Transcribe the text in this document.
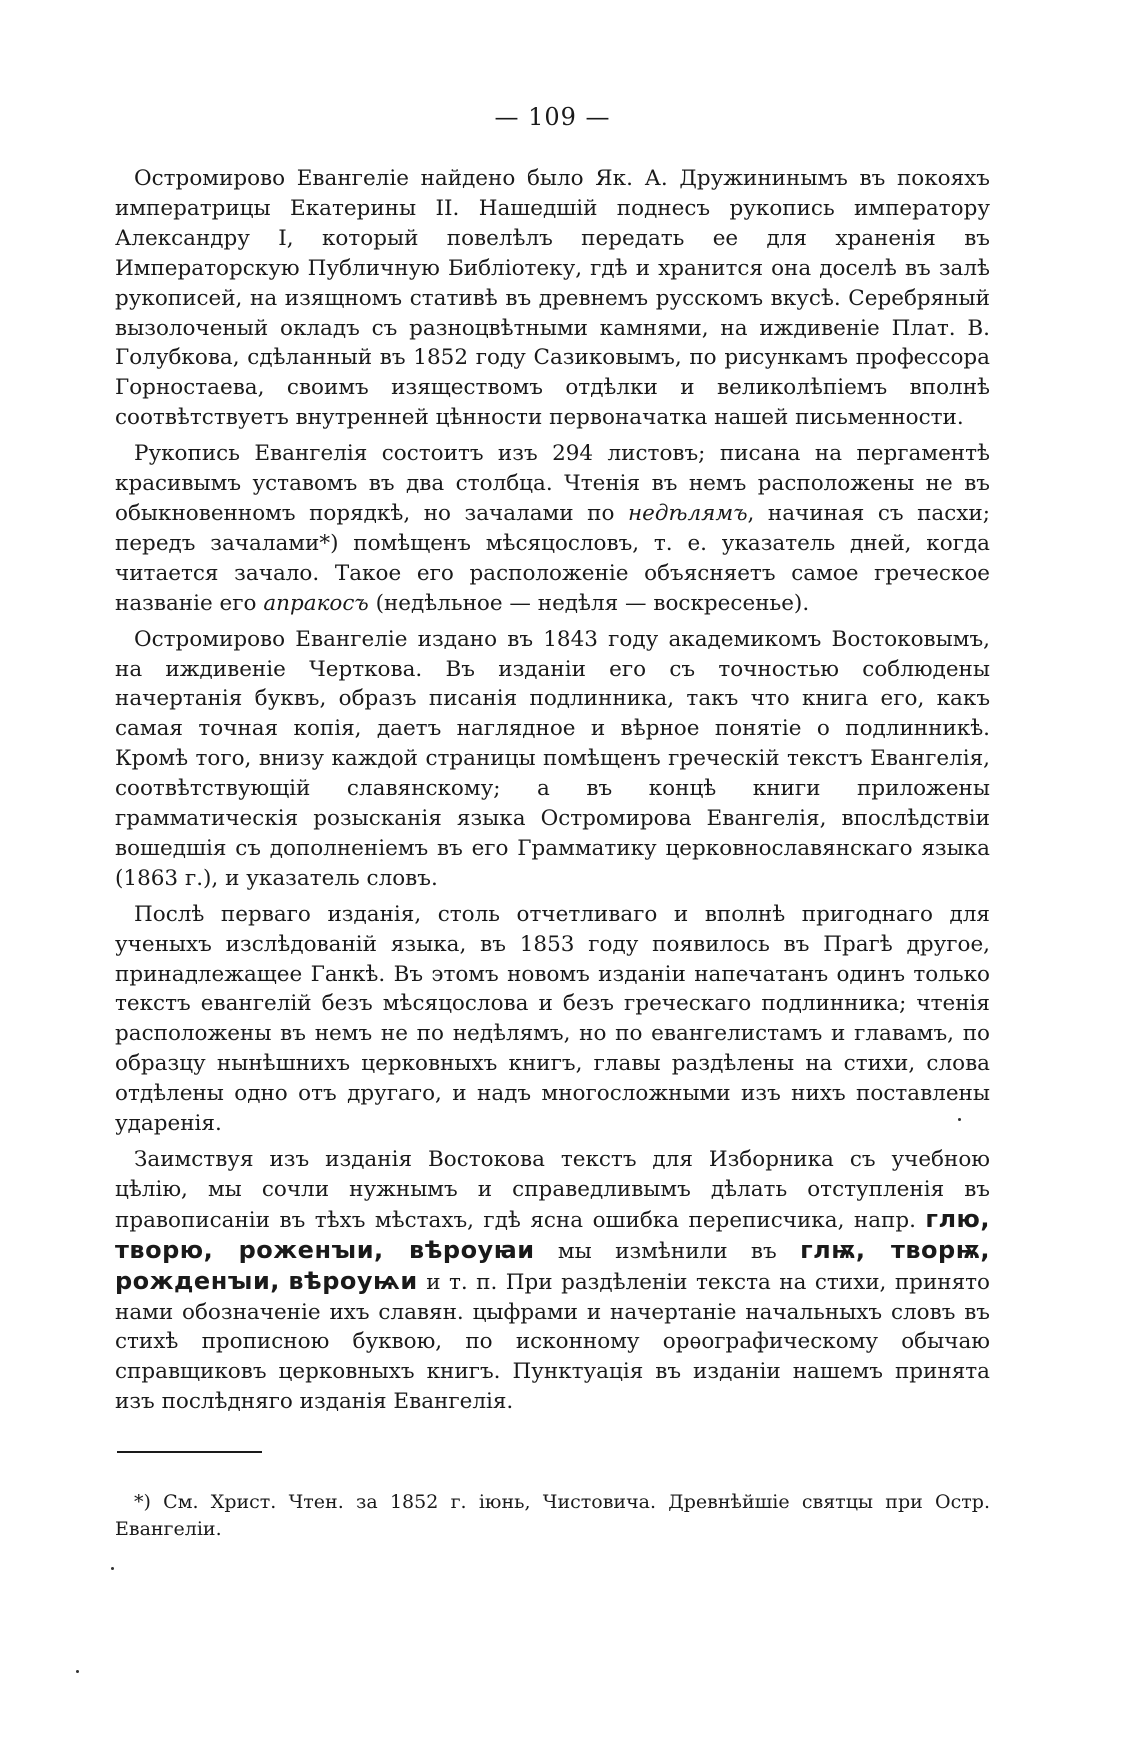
— 109 —

Остромирово Евангеліе найдено было Як. А. Дружининымъ въ покояхъ императрицы Екатерины II. Нашедшій поднесъ рукопись императору Александру I, который повелѣлъ передать ее для храненія въ Императорскую Публичную Библіотеку, гдѣ и хранится она доселѣ въ залѣ рукописей, на изящномъ стативѣ въ древнемъ русскомъ вкусѣ. Серебряный вызолоченый окладъ съ разноцвѣтными камнями, на иждивеніе Плат. В. Голубкова, сдѣланный въ 1852 году Сазиковымъ, по рисункамъ профессора Горностаева, своимъ изяществомъ отдѣлки и великолѣпіемъ вполнѣ соотвѣтствуетъ внутренней цѣнности первоначатка нашей письменности.

Рукопись Евангелія состоитъ изъ 294 листовъ; писана на пергаментѣ красивымъ уставомъ въ два столбца. Чтенія въ немъ расположены не въ обыкновенномъ порядкѣ, но зачалами по недѣлямъ, начиная съ пасхи; передъ зачалами*) помѣщенъ мѣсяцословъ, т. е. указатель дней, когда читается зачало. Такое его расположеніе объясняетъ самое греческое названіе его апракосъ (недѣльное — недѣля — воскресенье).

Остромирово Евангеліе издано въ 1843 году академикомъ Востоковымъ, на иждивеніе Черткова. Въ изданіи его съ точностью соблюдены начертанія буквъ, образъ писанія подлинника, такъ что книга его, какъ самая точная копія, даетъ наглядное и вѣрное понятіе о подлинникѣ. Кромѣ того, внизу каждой страницы помѣщенъ греческій текстъ Евангелія, соотвѣтствующій славянскому; а въ концѣ книги приложены грамматическія розысканія языка Остромирова Евангелія, впослѣдствіи вошедшія съ дополненіемъ въ его Грамматику церковнославянскаго языка (1863 г.), и указатель словъ.

Послѣ перваго изданія, столь отчетливаго и вполнѣ пригоднаго для ученыхъ изслѣдованій языка, въ 1853 году появилось въ Прагѣ другое, принадлежащее Ганкѣ. Въ этомъ новомъ изданіи напечатанъ одинъ только текстъ евангелій безъ мѣсяцослова и безъ греческаго подлинника; чтенія расположены въ немъ не по недѣлямъ, но по евангелистамъ и главамъ, по образцу нынѣшнихъ церковныхъ книгъ, главы раздѣлены на стихи, слова отдѣлены одно отъ другаго, и надъ многосложными изъ нихъ поставлены ударенія.

Заимствуя изъ изданія Востокова текстъ для Изборника съ учебною цѣлію, мы сочли нужнымъ и справедливымъ дѣлать отступленія въ правописаніи въ тѣхъ мѣстахъ, гдѣ ясна ошибка переписчика, напр. глю, творю, роженꙑи, вѣроуꙗи мы измѣнили въ глѭ, творѭ, рожденꙑи, вѣроуѩи и т. п. При раздѣленіи текста на стихи, принято нами обозначеніе ихъ славян. цыфрами и начертаніе начальныхъ словъ въ стихѣ прописною буквою, по исконному орѳографическому обычаю справщиковъ церковныхъ книгъ. Пунктуація въ изданіи нашемъ принята изъ послѣдняго изданія Евангелія.

*) См. Христ. Чтен. за 1852 г. іюнь, Чистовича. Древнѣйшіе святцы при Остр. Евангеліи.
